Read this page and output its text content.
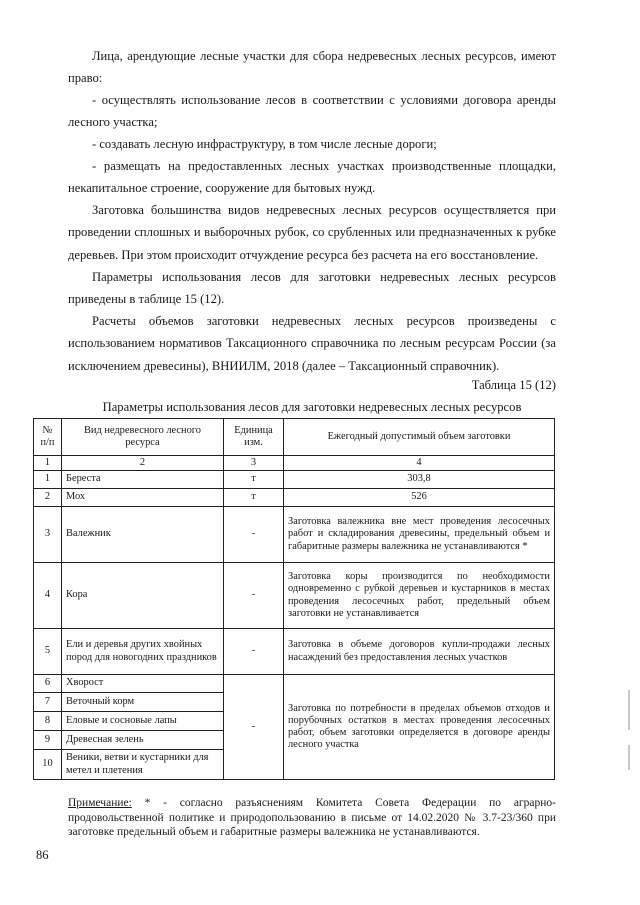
Лица, арендующие лесные участки для сбора недревесных лесных ресурсов, имеют право:

- осуществлять использование лесов в соответствии с условиями договора аренды лесного участка;

- создавать лесную инфраструктуру, в том числе лесные дороги;

- размещать на предоставленных лесных участках производственные площадки, некапитальное строение, сооружение для бытовых нужд.

Заготовка большинства видов недревесных лесных ресурсов осуществляется при проведении сплошных и выборочных рубок, со срубленных или предназначенных к рубке деревьев. При этом происходит отчуждение ресурса без расчета на его восстановление.

Параметры использования лесов для заготовки недревесных лесных ресурсов приведены в таблице 15 (12).

Расчеты объемов заготовки недревесных лесных ресурсов произведены с использованием нормативов Таксационного справочника по лесным ресурсам России (за исключением древесины), ВНИИЛМ, 2018 (далее – Таксационный справочник).

Таблица 15 (12)
Параметры использования лесов для заготовки недревесных лесных ресурсов
№ п/п	Вид недревесного лесного ресурса	Единица изм.	Ежегодный допустимый объем заготовки
1	2	3	4
1	Береста	т	303,8
2	Мох	т	526
3	Валежник	-	Заготовка валежника вне мест проведения лесосечных работ и складирования древесины, предельный объем и габаритные размеры валежника не устанавливаются *
4	Кора	-	Заготовка коры производится по необходимости одновременно с рубкой деревьев и кустарников в местах проведения лесосечных работ, предельный объем заготовки не устанавливается
5	Ели и деревья других хвойных пород для новогодних праздников	-	Заготовка в объеме договоров купли-продажи лесных насаждений без предоставления лесных участков
6	Хворост	-	Заготовка по потребности в пределах объемов отходов и порубочных остатков в местах проведения лесосечных работ, объем заготовки определяется в договоре аренды лесного участка
7	Веточный корм		
8	Еловые и сосновые лапы		
9	Древесная зелень		
10	Веники, ветви и кустарники для метел и плетения		

Примечание: * - согласно разъяснениям Комитета Совета Федерации по аграрно-продовольственной политике и природопользованию в письме от 14.02.2020 № 3.7-23/360 при заготовке предельный объем и габаритные размеры валежника не устанавливаются.

86
